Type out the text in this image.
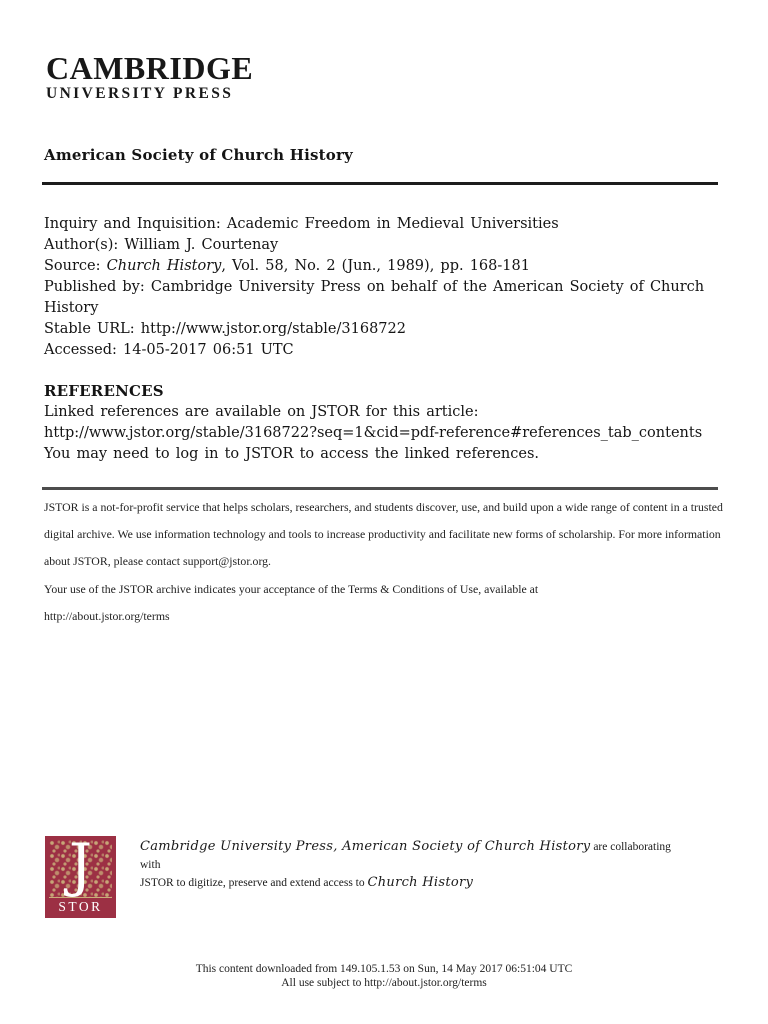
CAMBRIDGE
UNIVERSITY PRESS
American Society of Church History
Inquiry and Inquisition: Academic Freedom in Medieval Universities
Author(s): William J. Courtenay
Source: Church History, Vol. 58, No. 2 (Jun., 1989), pp. 168-181
Published by: Cambridge University Press on behalf of the American Society of Church History
Stable URL: http://www.jstor.org/stable/3168722
Accessed: 14-05-2017 06:51 UTC
REFERENCES
Linked references are available on JSTOR for this article:
http://www.jstor.org/stable/3168722?seq=1&cid=pdf-reference#references_tab_contents
You may need to log in to JSTOR to access the linked references.
JSTOR is a not-for-profit service that helps scholars, researchers, and students discover, use, and build upon a wide range of content in a trusted digital archive. We use information technology and tools to increase productivity and facilitate new forms of scholarship. For more information about JSTOR, please contact support@jstor.org.
Your use of the JSTOR archive indicates your acceptance of the Terms & Conditions of Use, available at
http://about.jstor.org/terms
J
STOR
Cambridge University Press, American Society of Church History are collaborating with
JSTOR to digitize, preserve and extend access to Church History
This content downloaded from 149.105.1.53 on Sun, 14 May 2017 06:51:04 UTC
All use subject to http://about.jstor.org/terms
